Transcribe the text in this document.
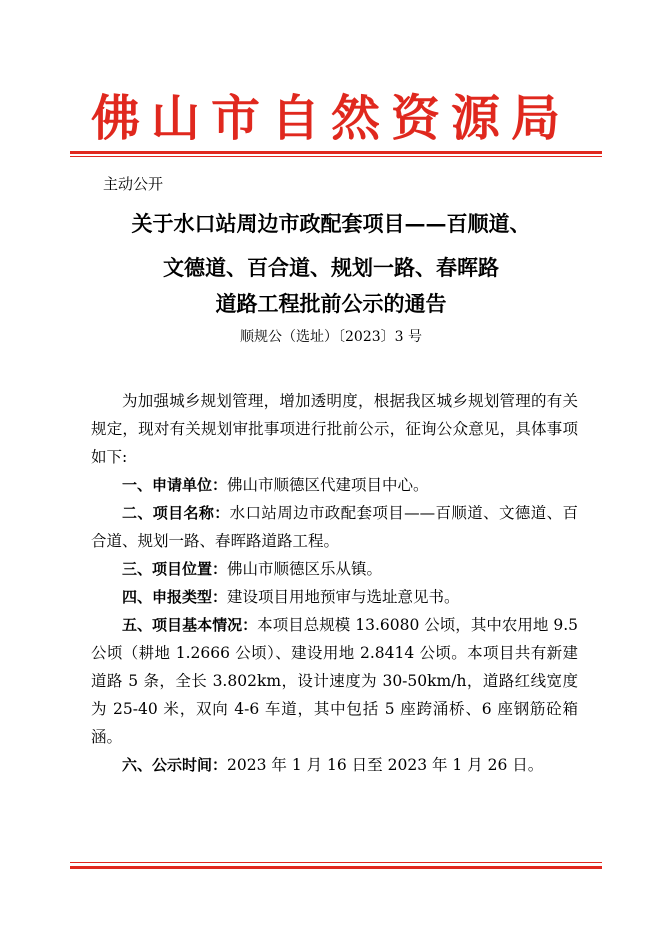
佛山市自然资源局
主动公开
关于水口站周边市政配套项目——百顺道、
文德道、百合道、规划一路、春晖路
道路工程批前公示的通告
顺规公（选址）〔2023〕3 号

为加强城乡规划管理，增加透明度，根据我区城乡规划管理的有关规定，现对有关规划审批事项进行批前公示，征询公众意见，具体事项如下:

一、申请单位：佛山市顺德区代建项目中心。

二、项目名称：水口站周边市政配套项目——百顺道、文德道、百合道、规划一路、春晖路道路工程。

三、项目位置：佛山市顺德区乐从镇。

四、申报类型：建设项目用地预审与选址意见书。

五、项目基本情况：本项目总规模 13.6080 公顷，其中农用地 9.5 公顷（耕地 1.2666 公顷）、建设用地 2.8414 公顷。本项目共有新建道路 5 条，全长 3.802km，设计速度为 30-50km/h，道路红线宽度为 25-40 米，双向 4-6 车道，其中包括 5 座跨涌桥、6 座钢筋砼箱涵。

六、公示时间：2023 年 1 月 16 日至 2023 年 1 月 26 日。
